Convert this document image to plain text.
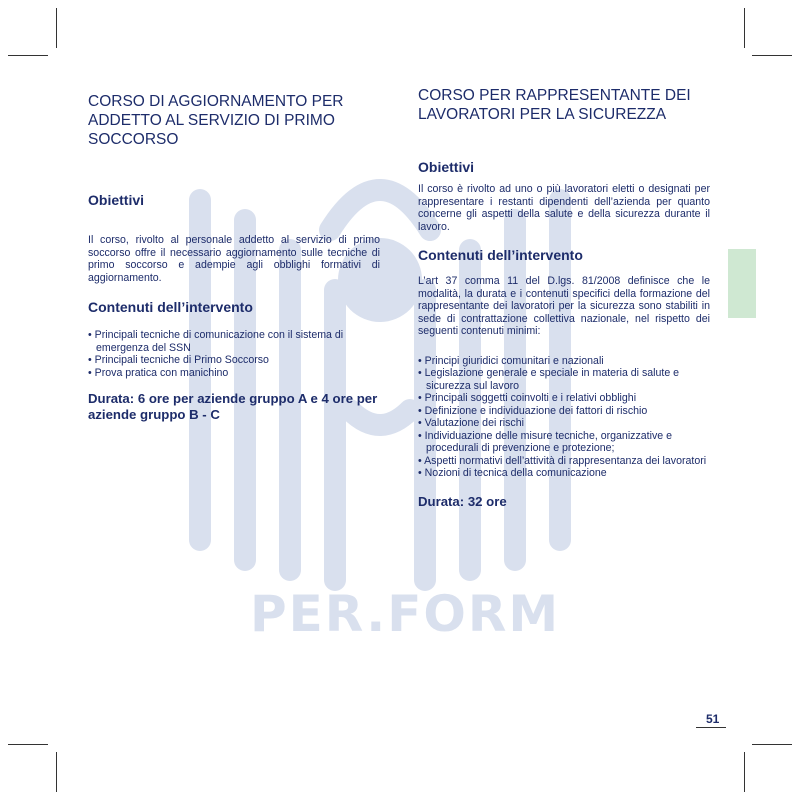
PER.FORM
CORSO DI AGGIORNAMENTO PER ADDETTO AL SERVIZIO DI PRIMO SOCCORSO
Obiettivi

Il corso, rivolto al personale addetto al servizio di primo soccorso offre il necessario aggiornamento sulle tecniche di primo soccorso e adempie agli obblighi formativi di aggiornamento.

Contenuti dell’intervento
• Principali tecniche di comunicazione con il sistema di emergenza del SSN
• Principali tecniche di Primo Soccorso
• Prova pratica con manichino

Durata: 6 ore per aziende gruppo A e 4 ore per aziende gruppo B - C

CORSO PER RAPPRESENTANTE DEI LAVORATORI PER LA SICUREZZA
Obiettivi

Il corso è rivolto ad uno o più lavoratori eletti o designati per rappresentare i restanti dipendenti dell’azienda per quanto concerne gli aspetti della salute e della sicurezza durante il lavoro.

Contenuti dell’intervento

L’art 37 comma 11 del D.lgs. 81/2008 definisce che le modalità, la durata e i contenuti specifici della formazione del rappresentante dei lavoratori per la sicurezza sono stabiliti in sede di contrattazione collettiva nazionale, nel rispetto dei seguenti contenuti minimi:

• Principi giuridici comunitari e nazionali
• Legislazione generale e speciale in materia di salute e sicurezza sul lavoro
• Principali soggetti coinvolti e i relativi obblighi
• Definizione e individuazione dei fattori di rischio
• Valutazione dei rischi
• Individuazione delle misure tecniche, organizzative e procedurali di prevenzione e protezione;
• Aspetti normativi dell’attività di rappresentanza dei lavoratori
• Nozioni di tecnica della comunicazione

Durata: 32 ore

51
